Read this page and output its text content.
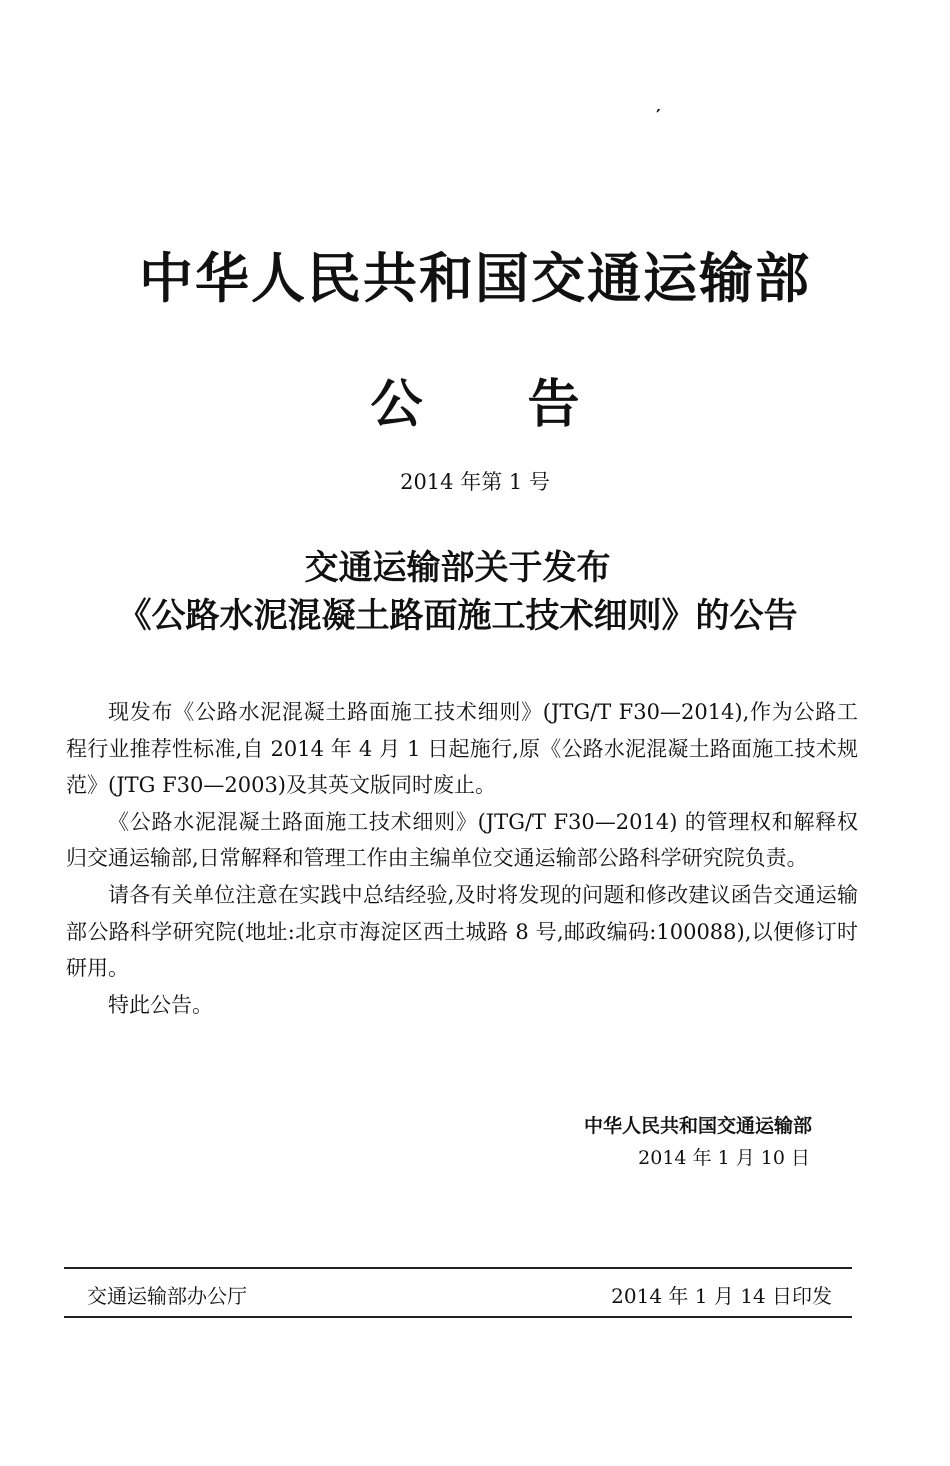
′
中华人民共和国交通运输部
公 告
2014 年第 1 号
交通运输部关于发布
《公路水泥混凝土路面施工技术细则》的公告

现发布《公路水泥混凝土路面施工技术细则》(JTG/T F30—2014),作为公路工程行业推荐性标准,自 2014 年 4 月 1 日起施行,原《公路水泥混凝土路面施工技术规范》(JTG F30—2003)及其英文版同时废止。

《公路水泥混凝土路面施工技术细则》(JTG/T F30—2014) 的管理权和解释权归交通运输部,日常解释和管理工作由主编单位交通运输部公路科学研究院负责。

请各有关单位注意在实践中总结经验,及时将发现的问题和修改建议函告交通运输部公路科学研究院(地址:北京市海淀区西土城路 8 号,邮政编码:100088),以便修订时研用。

特此公告。

中华人民共和国交通运输部
2014 年 1 月 10 日
交通运输部办公厅	2014 年 1 月 14 日印发
